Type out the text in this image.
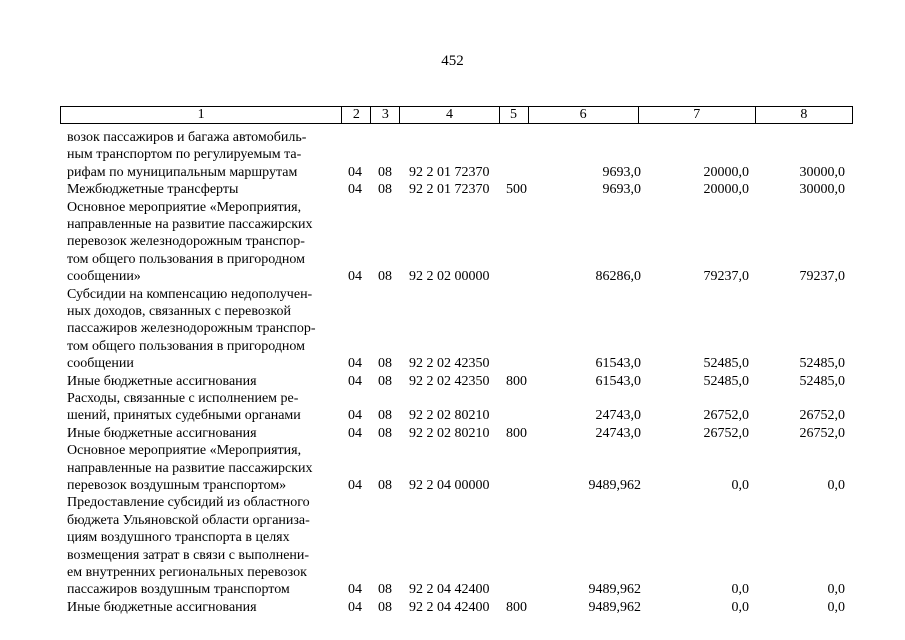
452
1	2	3	4	5	6	7	8
возок пассажиров и багажа автомобиль-
ным транспортом по регулируемым та-
рифам по муниципальным маршрутам	04 08 92 2 01 72370	9693,0	20000,0	30000,0
Межбюджетные трансферты	04 08 92 2 01 72370 500	9693,0	20000,0	30000,0
Основное мероприятие «Мероприятия,
направленные на развитие пассажирских
перевозок железнодорожным транспор-
том общего пользования в пригородном
сообщении»	04 08 92 2 02 00000	86286,0	79237,0	79237,0
Субсидии на компенсацию недополучен-
ных доходов, связанных с перевозкой
пассажиров железнодорожным транспор-
том общего пользования в пригородном
сообщении	04 08 92 2 02 42350	61543,0	52485,0	52485,0
Иные бюджетные ассигнования	04 08 92 2 02 42350 800	61543,0	52485,0	52485,0
Расходы, связанные с исполнением ре-
шений, принятых судебными органами	04 08 92 2 02 80210	24743,0	26752,0	26752,0
Иные бюджетные ассигнования	04 08 92 2 02 80210 800	24743,0	26752,0	26752,0
Основное мероприятие «Мероприятия,
направленные на развитие пассажирских
перевозок воздушным транспортом»	04 08 92 2 04 00000	9489,962	0,0	0,0
Предоставление субсидий из областного
бюджета Ульяновской области организа-
циям воздушного транспорта в целях
возмещения затрат в связи с выполнени-
ем внутренних региональных перевозок
пассажиров воздушным транспортом	04 08 92 2 04 42400	9489,962	0,0	0,0
Иные бюджетные ассигнования	04 08 92 2 04 42400 800	9489,962	0,0	0,0
